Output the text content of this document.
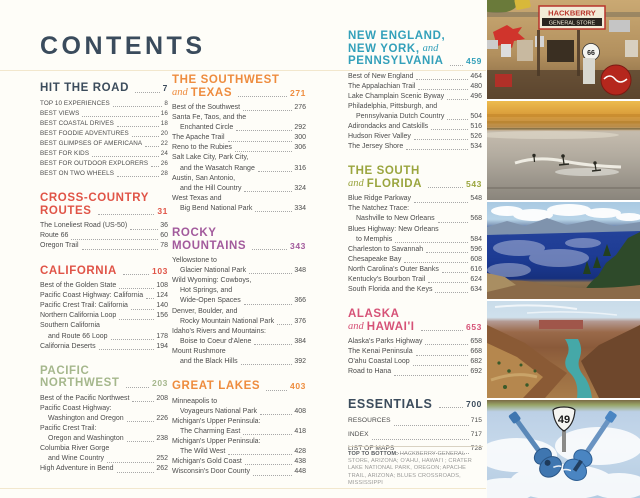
CONTENTS
HIT THE ROAD	7
TOP 10 EXPERIENCES	8
BEST VIEWS	16
BEST COASTAL DRIVES	18
BEST FOODIE ADVENTURES	20
BEST GLIMPSES OF AMERICANA	22
BEST FOR KIDS	24
BEST FOR OUTDOOR EXPLORERS 26
BEST ON TWO WHEELS	28
CROSS-COUNTRY
ROUTES	31
The Loneliest Road (US-50)	36
Route 66	60
Oregon Trail	78
CALIFORNIA	103
Best of the Golden State	108
Pacific Coast Highway: California 124
Pacific Crest Trail: California	140
Northern California Loop	156
Southern California
and Route 66 Loop	178
California Deserts	194
PACIFIC
NORTHWEST	203
Best of the Pacific Northwest	208
Pacific Coast Highway:
Washington and Oregon	226
Pacific Crest Trail:
Oregon and Washington	238
Columbia River Gorge
and Wine Country	252
High Adventure in Bend	262
THE SOUTHWEST
and TEXAS	271
Best of the Southwest	276
Santa Fe, Taos, and the
Enchanted Circle	292
The Apache Trail	300
Reno to the Rubies	306
Salt Lake City, Park City,
and the Wasatch Range	316
Austin, San Antonio,
and the Hill Country	324
West Texas and
Big Bend National Park	334
ROCKY
MOUNTAINS	343
Yellowstone to
Glacier National Park	348
Wild Wyoming: Cowboys,
Hot Springs, and
Wide-Open Spaces	366
Denver, Boulder, and
Rocky Mountain National Park	376
Idaho's Rivers and Mountains:
Boise to Coeur d'Alene	384
Mount Rushmore
and the Black Hills	392
GREAT LAKES	403
Minneapolis to
Voyageurs National Park	408
Michigan's Upper Peninsula:
The Charming East	418
Michigan's Upper Peninsula:
The Wild West	428
Michigan's Gold Coast	438
Wisconsin's Door County	448
NEW ENGLAND,
NEW YORK, and
PENNSYLVANIA	459
Best of New England	464
The Appalachian Trail	480
Lake Champlain Scenic Byway	496
Philadelphia, Pittsburgh, and
Pennsylvania Dutch Country	504
Adirondacks and Catskills	516
Hudson River Valley	526
The Jersey Shore	534
THE SOUTH
and FLORIDA	543
Blue Ridge Parkway	548
The Natchez Trace:
Nashville to New Orleans	568
Blues Highway: New Orleans
to Memphis	584
Charleston to Savannah	596
Chesapeake Bay	608
North Carolina's Outer Banks	616
Kentucky's Bourbon Trail	624
South Florida and the Keys	634
ALASKA
and HAWAI'I	653
Alaska's Parks Highway	658
The Kenai Peninsula	668
O'ahu Coastal Loop	682
Road to Hana	692
ESSENTIALS	700
RESOURCES	715
INDEX	717
LIST OF MAPS	728
TOP TO BOTTOM: HACKBERRY GENERAL STORE, ARIZONA; O'AHU, HAWAI'I ; CRATER LAKE NATIONAL PARK, OREGON; APACHE TRAIL, ARIZONA; BLUES CROSSROADS, MISSISSIPPI
HACKBERRY
GENERAL STORE
66
49
